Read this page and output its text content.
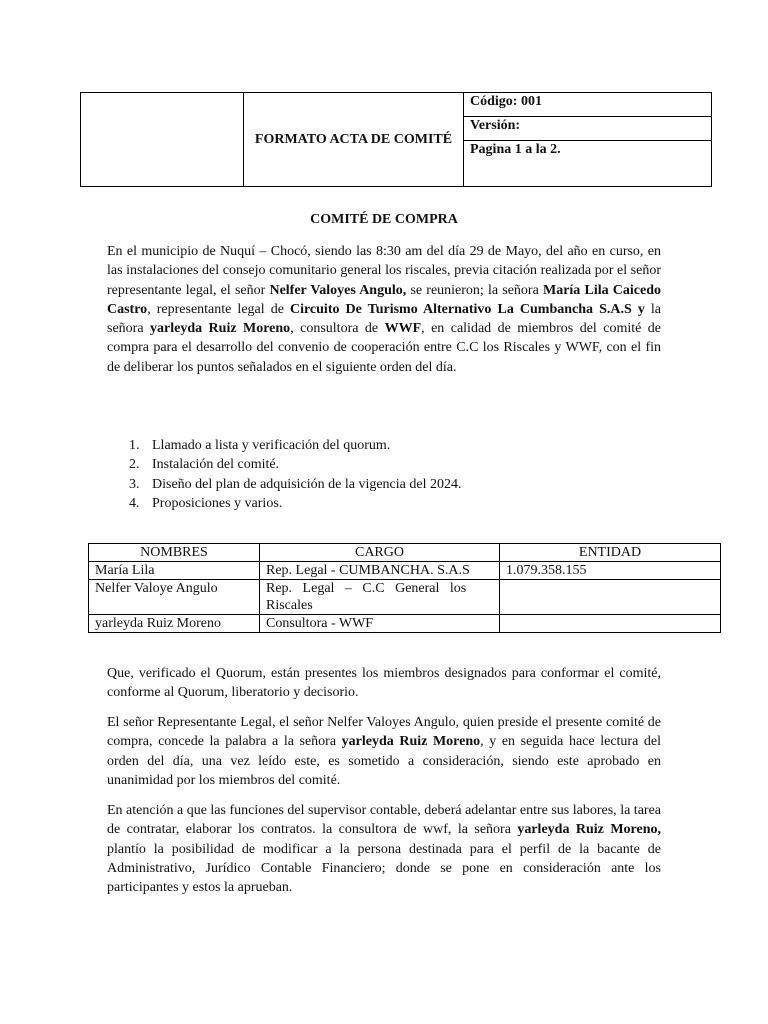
	FORMATO ACTA DE COMITÉ	Código: 001
Versión:
Pagina 1 a la 2.
COMITÉ DE COMPRA

En el municipio de Nuquí – Chocó, siendo las 8:30 am del día 29 de Mayo, del año en curso, en las instalaciones del consejo comunitario general los riscales, previa citación realizada por el señor representante legal, el señor Nelfer Valoyes Angulo, se reunieron; la señora María Lila Caicedo Castro, representante legal de Circuito De Turismo Alternativo La Cumbancha S.A.S y la señora yarleyda Ruiz Moreno, consultora de WWF, en calidad de miembros del comité de compra para el desarrollo del convenio de cooperación entre C.C los Riscales y WWF, con el fin de deliberar los puntos señalados en el siguiente orden del día.

1. Llamado a lista y verificación del quorum.
2. Instalación del comité.
3. Diseño del plan de adquisición de la vigencia del 2024.
4. Proposiciones y varios.
NOMBRES	CARGO	ENTIDAD
María Lila	Rep. Legal - CUMBANCHA. S.A.S	1.079.358.155
Nelfer Valoye Angulo	Rep.   Legal   –   C.C   General   los
Riscales	

yarleyda Ruiz Moreno	Consultora - WWF	

Que, verificado el Quorum, están presentes los miembros designados para conformar el comité, conforme al Quorum, liberatorio y decisorio.

El señor Representante Legal, el señor Nelfer Valoyes Angulo, quien preside el presente comité de compra, concede la palabra a la señora yarleyda Ruiz Moreno, y en seguida hace lectura del orden del día, una vez leído este, es sometido a consideración, siendo este aprobado en unanimidad por los miembros del comité.

En atención a que las funciones del supervisor contable, deberá adelantar entre sus labores, la tarea de contratar, elaborar los contratos. la consultora de wwf, la señora yarleyda Ruiz Moreno, plantío la posibilidad de modificar a la persona destinada para el perfil de la bacante de Administrativo, Jurídico Contable Financiero; donde se pone en consideración ante los participantes y estos la aprueban.
